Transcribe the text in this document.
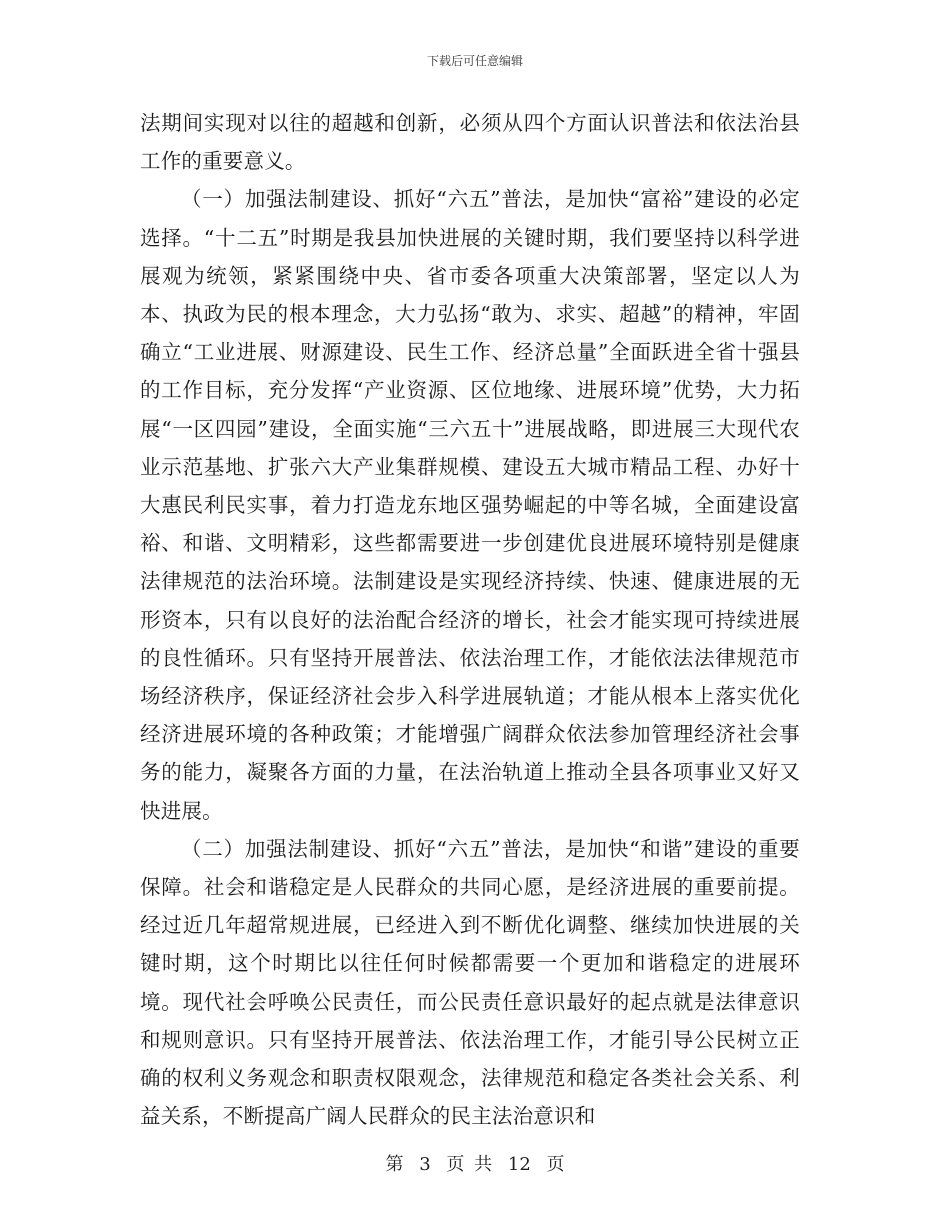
下载后可任意编辑

法期间实现对以往的超越和创新，必须从四个方面认识普法和依法治县工作的重要意义。

（一）加强法制建设、抓好“六五”普法，是加快“富裕”建设的必定选择。“十二五”时期是我县加快进展的关键时期，我们要坚持以科学进展观为统领，紧紧围绕中央、省市委各项重大决策部署，坚定以人为本、执政为民的根本理念，大力弘扬“敢为、求实、超越”的精神，牢固确立“工业进展、财源建设、民生工作、经济总量”全面跃进全省十强县的工作目标，充分发挥“产业资源、区位地缘、进展环境”优势，大力拓展“一区四园”建设，全面实施“三六五十”进展战略，即进展三大现代农业示范基地、扩张六大产业集群规模、建设五大城市精品工程、办好十大惠民利民实事，着力打造龙东地区强势崛起的中等名城，全面建设富裕、和谐、文明精彩，这些都需要进一步创建优良进展环境特别是健康法律规范的法治环境。法制建设是实现经济持续、快速、健康进展的无形资本，只有以良好的法治配合经济的增长，社会才能实现可持续进展的良性循环。只有坚持开展普法、依法治理工作，才能依法法律规范市场经济秩序，保证经济社会步入科学进展轨道；才能从根本上落实优化经济进展环境的各种政策；才能增强广阔群众依法参加管理经济社会事务的能力，凝聚各方面的力量，在法治轨道上推动全县各项事业又好又快进展。

（二）加强法制建设、抓好“六五”普法，是加快“和谐”建设的重要保障。社会和谐稳定是人民群众的共同心愿，是经济进展的重要前提。经过近几年超常规进展，已经进入到不断优化调整、继续加快进展的关键时期，这个时期比以往任何时候都需要一个更加和谐稳定的进展环境。现代社会呼唤公民责任，而公民责任意识最好的起点就是法律意识和规则意识。只有坚持开展普法、依法治理工作，才能引导公民树立正确的权利义务观念和职责权限观念，法律规范和稳定各类社会关系、利益关系，不断提高广阔人民群众的民主法治意识和

第 3 页 共 12 页
